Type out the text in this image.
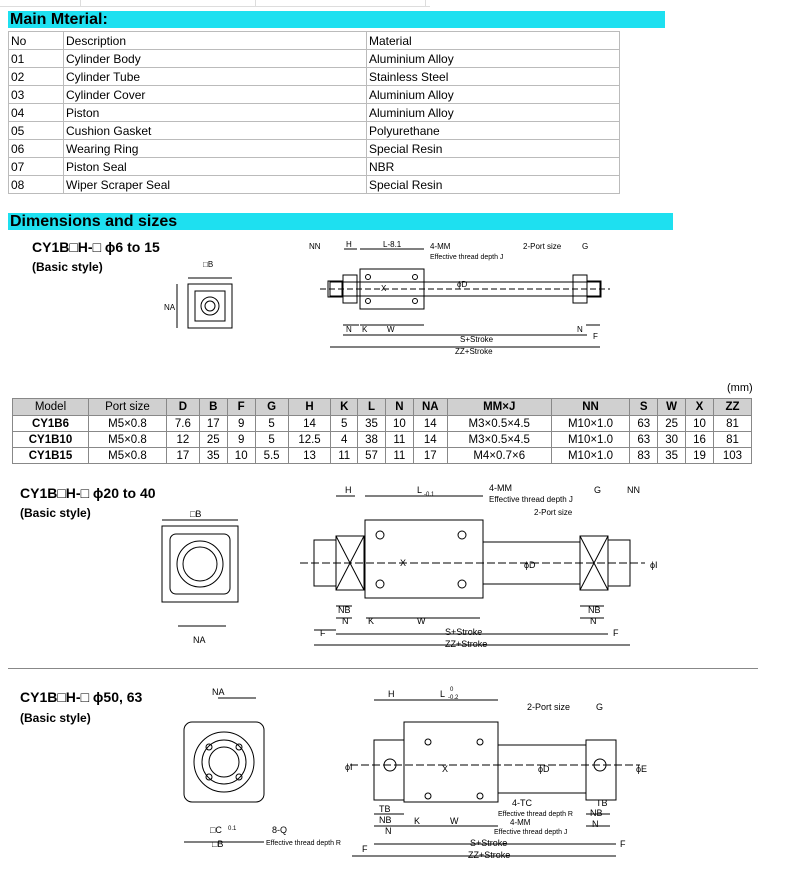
Main Mterial:
No	Description	Material
01	Cylinder Body	Aluminium Alloy
02	Cylinder Tube	Stainless Steel
03	Cylinder Cover	Aluminium Alloy
04	Piston	Aluminium Alloy
05	Cushion Gasket	Polyurethane
06	Wearing Ring	Special Resin
07	Piston Seal	NBR
08	Wiper Scraper Seal	Special Resin
Dimensions and sizes
CY1B□H-□ ϕ6 to 15
(Basic style)
NN	H	L-8.1	4-MM
Effective thread depth J
2-Port size	G
□B
NA
X	ϕD
N K W	N
F
S+Stroke
ZZ+Stroke
(mm)
Model	Port size	D	B	F	G	H	K	L	N	NA	MM×J	NN	S	W	X	ZZ
CY1B6	M5×0.8	7.6	17	9	5	14	5	35	10	14	M3×0.5×4.5	M10×1.0	63	25	10	81
CY1B10	M5×0.8	12	25	9	5	12.5	4	38	11	14	M3×0.5×4.5	M10×1.0	63	30	16	81
CY1B15	M5×0.8	17	35	10	5.5	13	11	57	11	17	M4×0.7×6	M10×1.0	83	35	19	103
CY1B□H-□ ϕ20 to 40
(Basic style)
H	L -0.1
4-MM
Effective thread depth J
G	NN
2-Port size
□B
NA
X	ϕD	ϕI
NB
N K	W
NB
N
F	F
S+Stroke
ZZ+Stroke
CY1B□H-□ ϕ50, 63
(Basic style)
NA	H	L 0
-0.2
2-Port size	G
ϕI	X	ϕD	ϕE
TB
NB
N
K	W
4-TC
Effective thread depth R
4-MM
Effective thread depth J
TB
NB
N
□C 0.1	8-Q
Effective thread depth R
□B	F	F
S+Stroke
ZZ+Stroke
